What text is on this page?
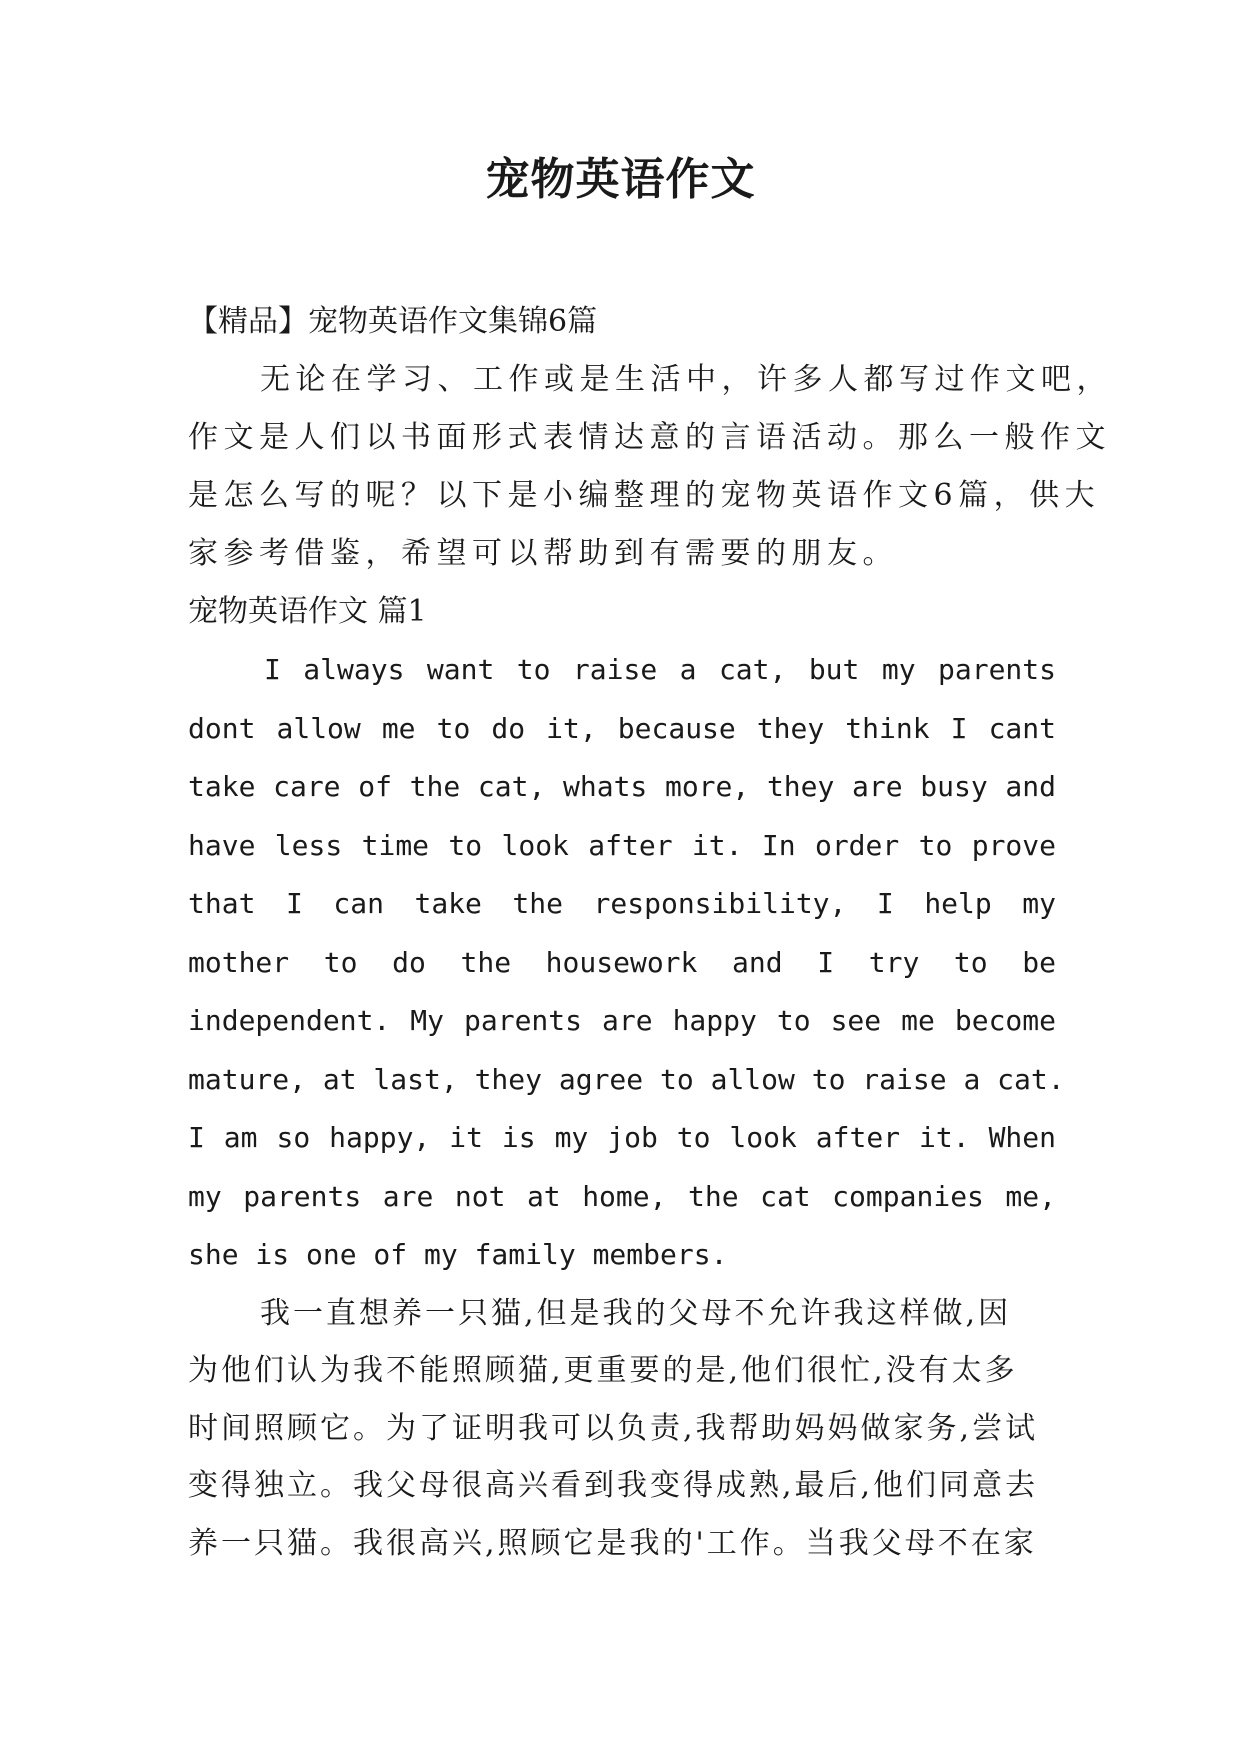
宠物英语作文
【精品】宠物英语作文集锦6篇
无论在学习、工作或是生活中，许多人都写过作文吧，
作文是人们以书面形式表情达意的言语活动。那么一般作文
是怎么写的呢？以下是小编整理的宠物英语作文6篇，供大
家参考借鉴，希望可以帮助到有需要的朋友。
宠物英语作文 篇1
I always want to raise a cat, but my parents
dont allow me to do it, because they think I cant
take care of the cat, whats more, they are busy and
have less time to look after it. In order to prove
that I can take the responsibility, I help my
mother to do the housework and I try to be
independent. My parents are happy to see me become
mature, at last, they agree to allow to raise a cat.
I am so happy, it is my job to look after it. When
my parents are not at home, the cat companies me,
she is one of my family members.
我一直想养一只猫,但是我的父母不允许我这样做,因
为他们认为我不能照顾猫,更重要的是,他们很忙,没有太多
时间照顾它。为了证明我可以负责,我帮助妈妈做家务,尝试
变得独立。我父母很高兴看到我变得成熟,最后,他们同意去
养一只猫。我很高兴,照顾它是我的'工作。当我父母不在家
